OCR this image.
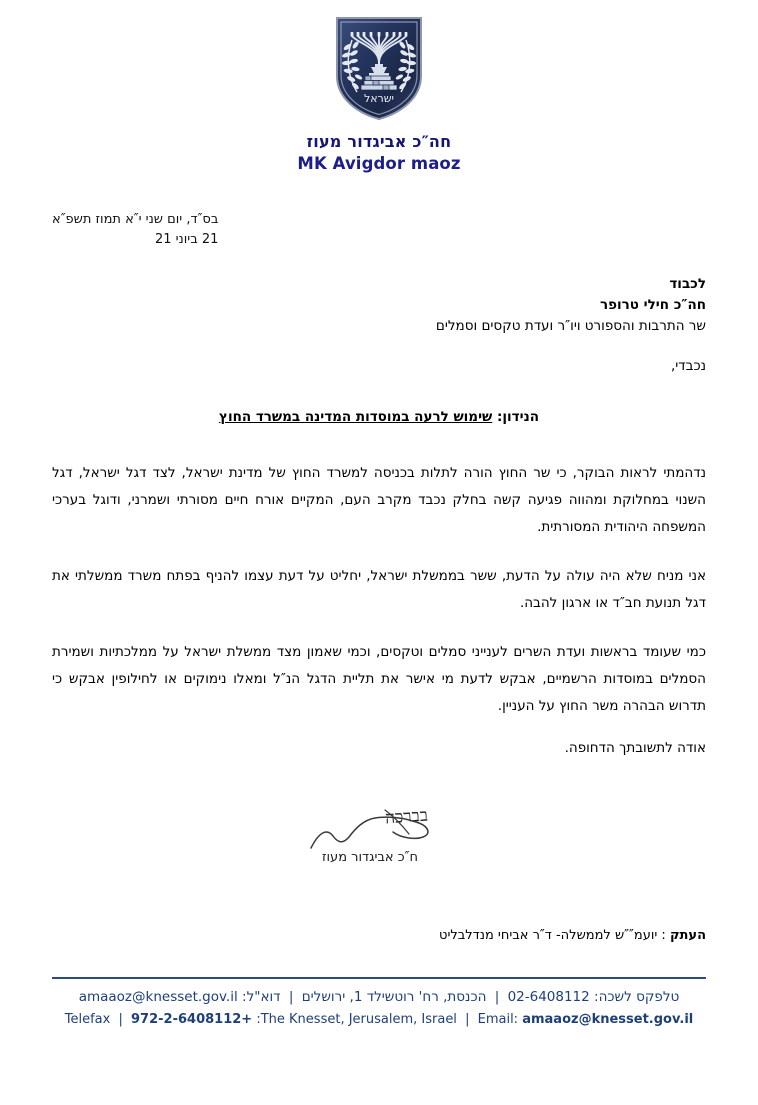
ישראל
חה″כ אביגדור מעוז
MK Avigdor maoz
בס″ד, יום שני י″א תמוז תשפ″א
21 ביוני 21
לכבוד
חה″כ חילי טרופר
שר התרבות והספורט ויו″ר ועדת טקסים וסמלים
נכבדי,
הנידון: שימוש לרעה במוסדות המדינה במשרד החוץ

נדהמתי לראות הבוקר, כי שר החוץ הורה לתלות בכניסה למשרד החוץ של מדינת ישראל, לצד דגל ישראל, דגל השנוי במחלוקת ומהווה פגיעה קשה בחלק נכבד מקרב העם, המקיים אורח חיים מסורתי ושמרני, ודוגל בערכי המשפחה היהודית המסורתית.

אני מניח שלא היה עולה על הדעת, ששר בממשלת ישראל, יחליט על דעת עצמו להניף בפתח משרד ממשלתי את דגל תנועת חב″ד או ארגון להבה.

כמי שעומד בראשות ועדת השרים לענייני סמלים וטקסים, וכמי שאמון מצד ממשלת ישראל על ממלכתיות ושמירת הסמלים במוסדות הרשמיים, אבקש לדעת מי אישר את תליית הדגל הנ″ל ומאלו נימוקים או לחילופין אבקש כי תדרוש הבהרה משר החוץ על העניין.

אודה לתשובתך הדחופה.
בברכה
ח″כ אביגדור מעוז
העתק : יועמ″″ש לממשלה- ד″ר אביחי מנדלבליט
טלפקס לשכה: 02-6408112 | הכנסת, רח' רוטשילד 1, ירושלים | דוא"ל: amaaoz@knesset.gov.il
Telefax | 972-2-6408112+ :The Knesset, Jerusalem, Israel | Email: amaaoz@knesset.gov.il
